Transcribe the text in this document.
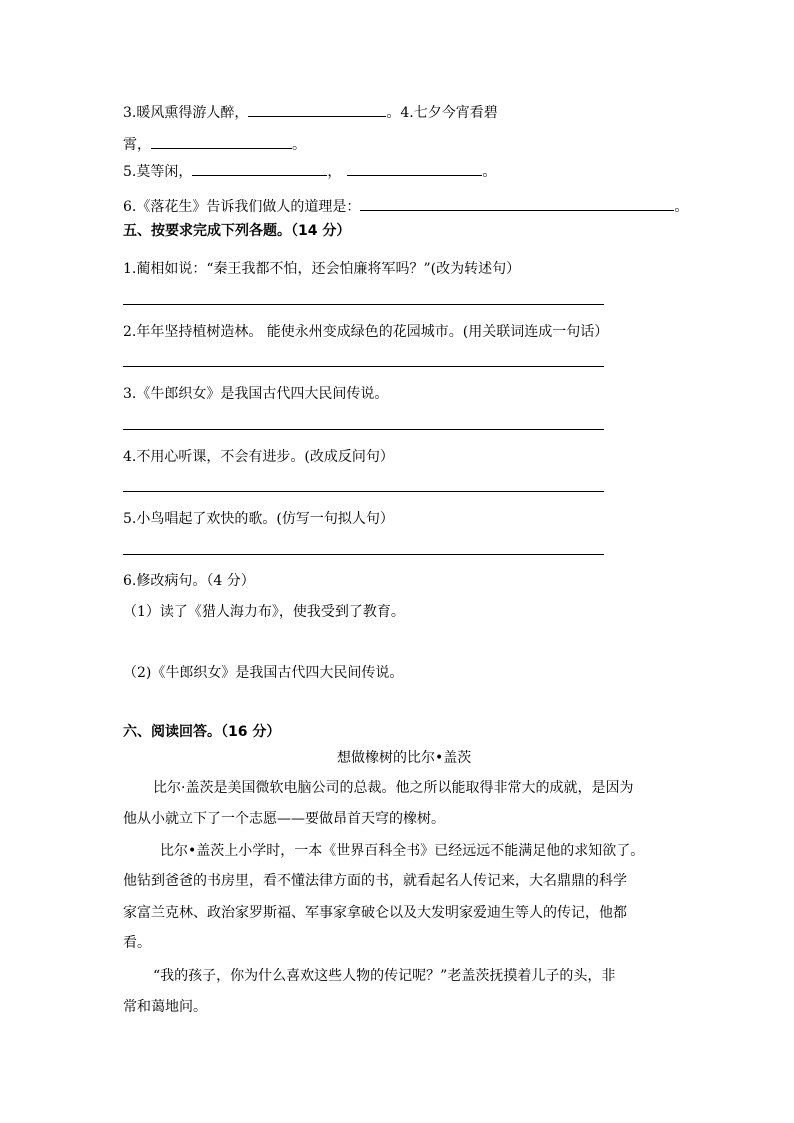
3.暖风熏得游人醉，	。4.七夕今宵看碧
霄，	。
5.莫等闲，	，	。
6.《落花生》告诉我们做人的道理是：	。
五、按要求完成下列各题。（14 分）
1.蔺相如说：“秦王我都不怕，还会怕廉将军吗？”(改为转述句）
2.年年坚持植树造林。 能使永州变成绿色的花园城市。(用关联词连成一句话）
3.《牛郎织女》是我国古代四大民间传说。
4.不用心听课，不会有进步。(改成反问句）
5.小鸟唱起了欢快的歌。(仿写一句拟人句）
6.修改病句。（4 分）
（1）读了《猎人海力布》，使我受到了教育。
（2)《牛郎织女》是我国古代四大民间传说。
六、阅读回答。（16 分）
想做橡树的比尔•盖茨
比尔·盖茨是美国微软电脑公司的总裁。他之所以能取得非常大的成就，是因为
他从小就立下了一个志愿——要做昂首天穹的橡树。
比尔•盖茨上小学时，一本《世界百科全书》已经远远不能满足他的求知欲了。
他钻到爸爸的书房里，看不懂法律方面的书，就看起名人传记来，大名鼎鼎的科学
家富兰克林、政治家罗斯福、军事家拿破仑以及大发明家爱迪生等人的传记，他都
看。
“我的孩子，你为什么喜欢这些人物的传记呢？”老盖茨抚摸着儿子的头，非
常和蔼地问。
